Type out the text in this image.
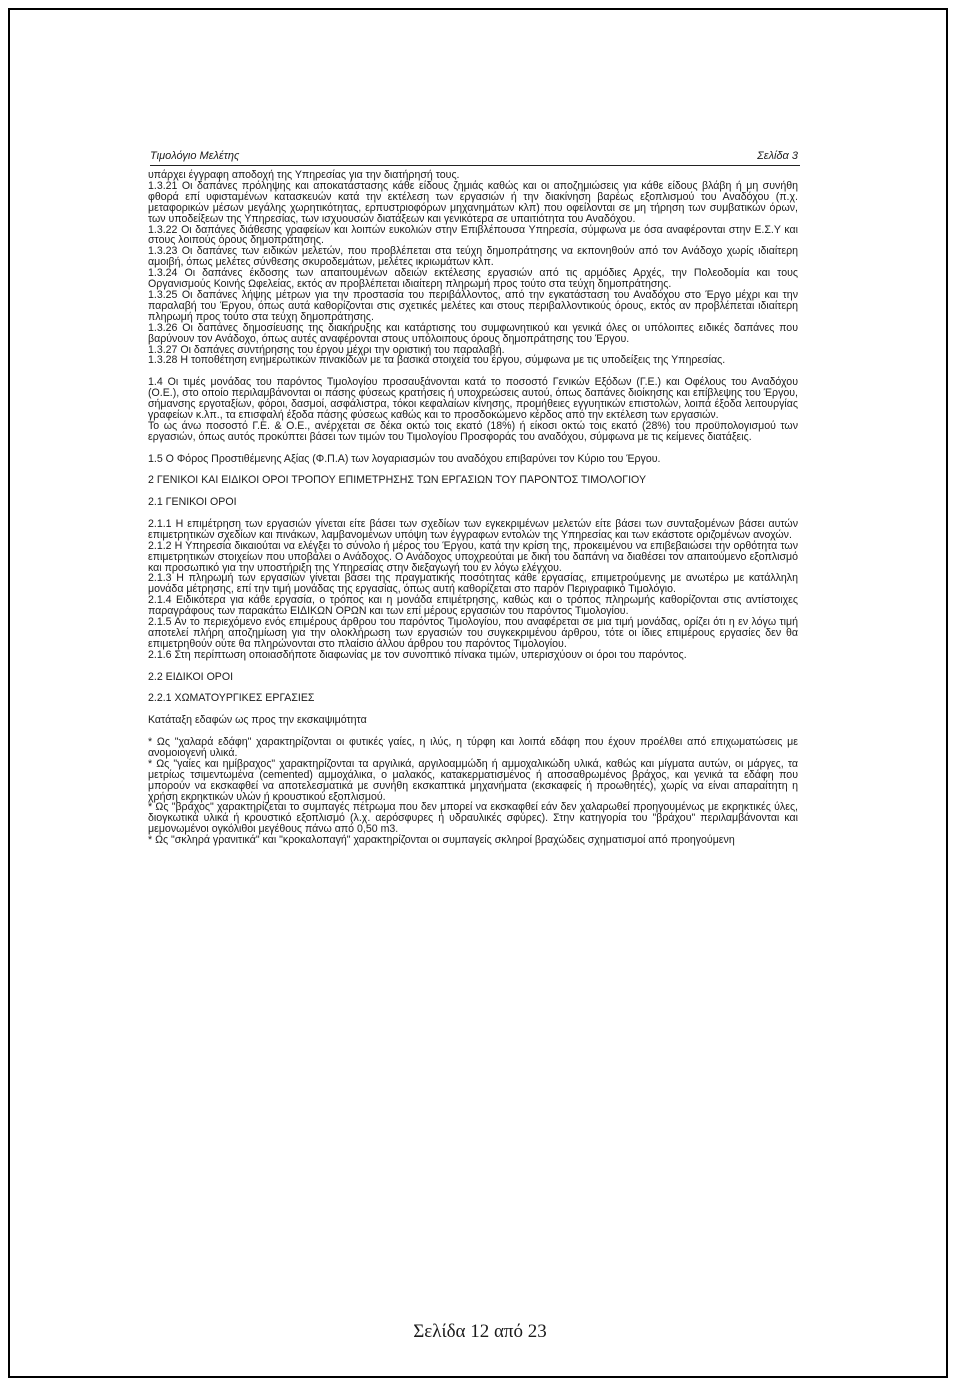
Τιμολόγιο Μελέτης	Σελίδα 3

υπάρχει έγγραφη αποδοχή της Υπηρεσίας για την διατήρησή τους.

1.3.21 Οι δαπάνες πρόληψης και αποκατάστασης κάθε είδους ζημιάς καθώς και οι αποζημιώσεις για κάθε είδους βλάβη ή μη συνήθη φθορά επί υφισταμένων κατασκευών κατά την εκτέλεση των εργασιών ή την διακίνηση βαρέως εξοπλισμού του Αναδόχου (π.χ. μεταφορικών μέσων μεγάλης χωρητικότητας, ερπυστριοφόρων μηχανημάτων κλπ) που οφείλονται σε μη τήρηση των συμβατικών όρων, των υποδείξεων της Υπηρεσίας, των ισχυουσών διατάξεων και γενικότερα σε υπαιτιότητα του Αναδόχου.

1.3.22 Οι δαπάνες διάθεσης γραφείων και λοιπών ευκολιών στην Επιβλέπουσα Υπηρεσία, σύμφωνα με όσα αναφέρονται στην Ε.Σ.Υ και στους λοιπούς όρους δημοπράτησης.

1.3.23 Οι δαπάνες των ειδικών μελετών, που προβλέπεται στα τεύχη δημοπράτησης να εκπονηθούν από τον Ανάδοχο χωρίς ιδιαίτερη αμοιβή, όπως μελέτες σύνθεσης σκυροδεμάτων, μελέτες ικριωμάτων κλπ.

1.3.24 Οι δαπάνες έκδοσης των απαιτουμένων αδειών εκτέλεσης εργασιών από τις αρμόδιες Αρχές, την Πολεοδομία και τους Οργανισμούς Κοινής Ωφελείας, εκτός αν προβλέπεται ιδιαίτερη πληρωμή προς τούτο στα τεύχη δημοπράτησης.

1.3.25 Οι δαπάνες λήψης μέτρων για την προστασία του περιβάλλοντος, από την εγκατάσταση του Αναδόχου στο Έργο μέχρι και την παραλαβή του Έργου, όπως αυτά καθορίζονται στις σχετικές μελέτες και στους περιβαλλοντικούς όρους, εκτός αν προβλέπεται ιδιαίτερη πληρωμή προς τούτο στα τεύχη δημοπράτησης.

1.3.26 Οι δαπάνες δημοσίευσης της διακήρυξης και κατάρτισης του συμφωνητικού και γενικά όλες οι υπόλοιπες ειδικές δαπάνες που βαρύνουν τον Ανάδοχο, όπως αυτές αναφέρονται στους υπόλοιπους όρους δημοπράτησης του Έργου.

1.3.27 Οι δαπάνες συντήρησης του έργου μέχρι την οριστική του παραλαβή.

1.3.28 Η τοποθέτηση ενημερωτικών πινακίδων με τα βασικά στοιχεία του έργου, σύμφωνα με τις υποδείξεις της Υπηρεσίας.

1.4 Οι τιμές μονάδας του παρόντος Τιμολογίου προσαυξάνονται κατά το ποσοστό Γενικών Εξόδων (Γ.Ε.) και Οφέλους του Αναδόχου (Ο.Ε.), στο οποίο περιλαμβάνονται οι πάσης φύσεως κρατήσεις ή υποχρεώσεις αυτού, όπως δαπάνες διοίκησης και επίβλεψης του Έργου, σήμανσης εργοταξίων, φόροι, δασμοί, ασφάλιστρα, τόκοι κεφαλαίων κίνησης, προμήθειες εγγυητικών επιστολών, λοιπά έξοδα λειτουργίας γραφείων κ.λπ., τα επισφαλή έξοδα πάσης φύσεως καθώς και το προσδοκώμενο κέρδος από την εκτέλεση των εργασιών.

Το ως άνω ποσοστό Γ.Ε. & Ο.Ε., ανέρχεται σε δέκα οκτώ τοις εκατό (18%) ή είκοσι οκτώ τοις εκατό (28%) του προϋπολογισμού των εργασιών, όπως αυτός προκύπτει βάσει των τιμών του Τιμολογίου Προσφοράς του αναδόχου, σύμφωνα με τις κείμενες διατάξεις.

1.5 Ο Φόρος Προστιθέμενης Αξίας (Φ.Π.Α) των λογαριασμών του αναδόχου επιβαρύνει τον Κύριο του Έργου.

2 ΓΕΝΙΚΟΙ ΚΑΙ ΕΙΔΙΚΟΙ ΟΡΟΙ ΤΡΟΠΟΥ ΕΠΙΜΕΤΡΗΣΗΣ ΤΩΝ ΕΡΓΑΣΙΩΝ ΤΟΥ ΠΑΡΟΝΤΟΣ ΤΙΜΟΛΟΓΙΟΥ

2.1 ΓΕΝΙΚΟΙ ΟΡΟΙ

2.1.1 Η επιμέτρηση των εργασιών γίνεται είτε βάσει των σχεδίων των εγκεκριμένων μελετών είτε βάσει των συνταξομένων βάσει αυτών επιμετρητικών σχεδίων και πινάκων, λαμβανομένων υπόψη των έγγραφων εντολών της Υπηρεσίας και των εκάστοτε οριζομένων ανοχών.

2.1.2 Η Υπηρεσία δικαιούται να ελέγξει το σύνολο ή μέρος του Έργου, κατά την κρίση της, προκειμένου να επιβεβαιώσει την ορθότητα των επιμετρητικών στοιχείων που υποβάλει ο Ανάδοχος. Ο Ανάδοχος υποχρεούται με δική του δαπάνη να διαθέσει τον απαιτούμενο εξοπλισμό και προσωπικό για την υποστήριξη της Υπηρεσίας στην διεξαγωγή του εν λόγω ελέγχου.

2.1.3 Η πληρωμή των εργασιών γίνεται βάσει της πραγματικής ποσότητας κάθε εργασίας, επιμετρούμενης με ανωτέρω με κατάλληλη μονάδα μέτρησης, επί την τιμή μονάδας της εργασίας, όπως αυτή καθορίζεται στο παρόν Περιγραφικό Τιμολόγιο.

2.1.4 Ειδικότερα για κάθε εργασία, ο τρόπος και η μονάδα επιμέτρησης, καθώς και ο τρόπος πληρωμής καθορίζονται στις αντίστοιχες παραγράφους των παρακάτω ΕΙΔΙΚΩΝ ΟΡΩΝ και των επί μέρους εργασιών του παρόντος Τιμολογίου.

2.1.5 Αν το περιεχόμενο ενός επιμέρους άρθρου του παρόντος Τιμολογίου, που αναφέρεται σε μια τιμή μονάδας, ορίζει ότι η εν λόγω τιμή αποτελεί πλήρη αποζημίωση για την ολοκλήρωση των εργασιών του συγκεκριμένου άρθρου, τότε οι ίδιες επιμέρους εργασίες δεν θα επιμετρηθούν ούτε θα πληρώνονται στο πλαίσιο άλλου άρθρου του παρόντος Τιμολογίου.

2.1.6 Στη περίπτωση οποιασδήποτε διαφωνίας με τον συνοπτικό πίνακα τιμών, υπερισχύουν οι όροι του παρόντος.

2.2 ΕΙΔΙΚΟΙ ΟΡΟΙ

2.2.1 ΧΩΜΑΤΟΥΡΓΙΚΕΣ ΕΡΓΑΣΙΕΣ

Κατάταξη εδαφών ως προς την εκσκαψιμότητα

* Ως "χαλαρά εδάφη" χαρακτηρίζονται οι φυτικές γαίες, η ιλύς, η τύρφη και λοιπά εδάφη που έχουν προέλθει από επιχωματώσεις με ανομοιογενή υλικά.

* Ως "γαίες και ημίβραχος" χαρακτηρίζονται τα αργιλικά, αργιλοαμμώδη ή αμμοχαλικώδη υλικά, καθώς και μίγματα αυτών, οι μάργες, τα μετρίως τσιμεντωμένα (cemented) αμμοχάλικα, ο μαλακός, κατακερματισμένος ή αποσαθρωμένος βράχος, και γενικά τα εδάφη που μπορούν να εκσκαφθεί να αποτελεσματικά με συνήθη εκσκαπτικά μηχανήματα (εκσκαφείς ή προωθητές), χωρίς να είναι απαραίτητη η χρήση εκρηκτικών υλών ή κρουστικού εξοπλισμού.

* Ως "βράχος" χαρακτηρίζεται το συμπαγές πέτρωμα που δεν μπορεί να εκσκαφθεί εάν δεν χαλαρωθεί προηγουμένως με εκρηκτικές ύλες, διογκωτικά υλικά ή κρουστικό εξοπλισμό (λ.χ. αερόσφυρες ή υδραυλικές σφύρες). Στην κατηγορία του "βράχου" περιλαμβάνονται και μεμονωμένοι ογκόλιθοι μεγέθους πάνω από 0,50 m3.

* Ως "σκληρά γρανιτικά" και "κροκαλοπαγή" χαρακτηρίζονται οι συμπαγείς σκληροί βραχώδεις σχηματισμοί από προηγούμενη

Σελίδα 12 από 23
